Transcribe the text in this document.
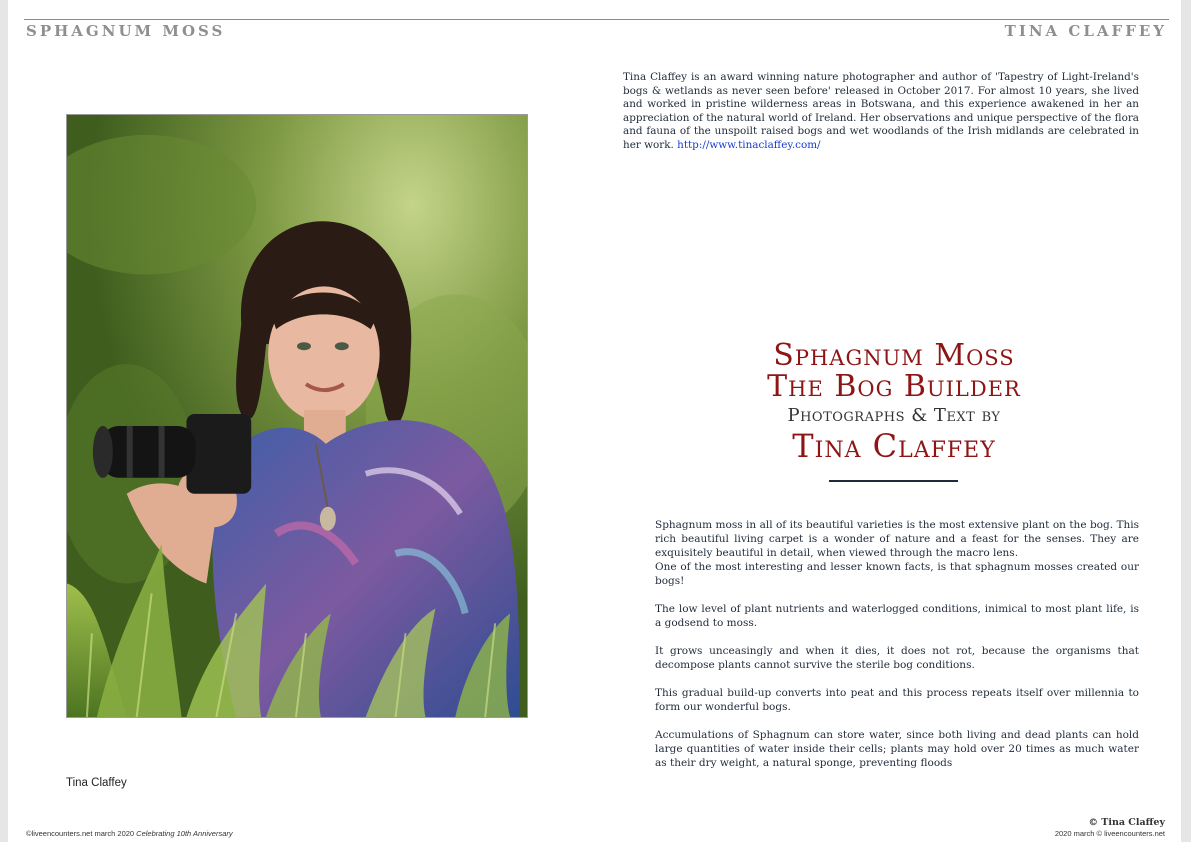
SPHAGNUM MOSS	TINA CLAFFEY
Tina Claffey is an award winning nature photographer and author of 'Tapestry of Light-Ireland's bogs & wetlands as never seen before' released in October 2017. For almost 10 years, she lived and worked in pristine wilderness areas in Botswana, and this experience awakened in her an appreciation of the natural world of Ireland. Her observations and unique perspective of the flora and fauna of the unspoilt raised bogs and wet woodlands of the Irish midlands are celebrated in her work. http://www.tinaclaffey.com/
Tina Claffey
Sphagnum Moss
The Bog Builder
Photographs & Text by
Tina Claffey

Sphagnum moss in all of its beautiful varieties is the most extensive plant on the bog. This rich beautiful living carpet is a wonder of nature and a feast for the senses. They are exquisitely beautiful in detail, when viewed through the macro lens.

One of the most interesting and lesser known facts, is that sphagnum mosses created our bogs!

The low level of plant nutrients and waterlogged conditions, inimical to most plant life, is a godsend to moss.

It grows unceasingly and when it dies, it does not rot, because the organisms that decompose plants cannot survive the sterile bog conditions.

This gradual build-up converts into peat and this process repeats itself over millennia to form our wonderful bogs.

Accumulations of Sphagnum can store water, since both living and dead plants can hold large quantities of water inside their cells; plants may hold over 20 times as much water as their dry weight, a natural sponge, preventing floods

©liveencounters.net march 2020 Celebrating 10th Anniversary
© Tina Claffey
2020 march © liveencounters.net
